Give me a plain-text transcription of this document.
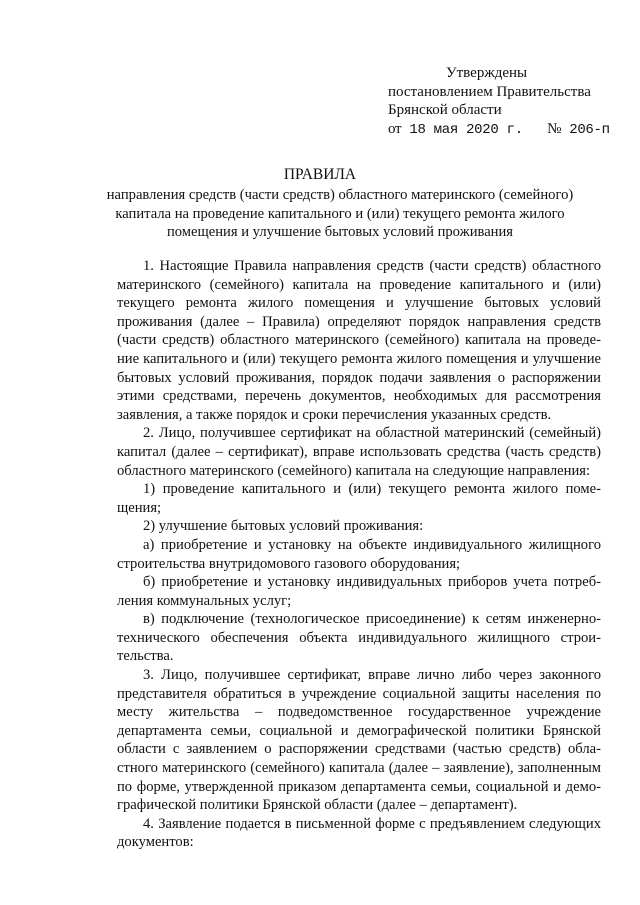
Утверждены
постановлением Правительства
Брянской области
от 18 мая 2020 г. № 206-п
ПРАВИЛА
направления средств (части средств) областного материнского (семейного) капитала на проведение капитального и (или) текущего ремонта жилого помещения и улучшение бытовых условий проживания

1. Настоящие Правила направления средств (части средств) областного материнского (семейного) капитала на проведение капитального и (или) текущего ремонта жилого помещения и улучшение бытовых условий проживания (далее – Правила) определяют порядок направления средств (части средств) областного материнского (семейного) капитала на проведение капитального и (или) текущего ремонта жилого помещения и улучшение бытовых условий проживания, порядок подачи заявления о распоряжении этими средствами, перечень документов, необходимых для рассмотрения заявления, а также порядок и сроки перечисления указанных средств.

2. Лицо, получившее сертификат на областной материнский (семейный) капитал (далее – сертификат), вправе использовать средства (часть средств) областного материнского (семейного) капитала на следующие направления:

1) проведение капитального и (или) текущего ремонта жилого помещения;

2) улучшение бытовых условий проживания:

а) приобретение и установку на объекте индивидуального жилищного строительства внутридомового газового оборудования;

б) приобретение и установку индивидуальных приборов учета потребления коммунальных услуг;

в) подключение (технологическое присоединение) к сетям инженерно-технического обеспечения объекта индивидуального жилищного строительства.

3. Лицо, получившее сертификат, вправе лично либо через законного представителя обратиться в учреждение социальной защиты населения по месту жительства – подведомственное государственное учреждение департамента семьи, социальной и демографической политики Брянской области с заявлением о распоряжении средствами (частью средств) областного материнского (семейного) капитала (далее – заявление), заполненным по форме, утвержденной приказом департамента семьи, социальной и демографической политики Брянской области (далее – департамент).

4. Заявление подается в письменной форме с предъявлением следующих документов:
